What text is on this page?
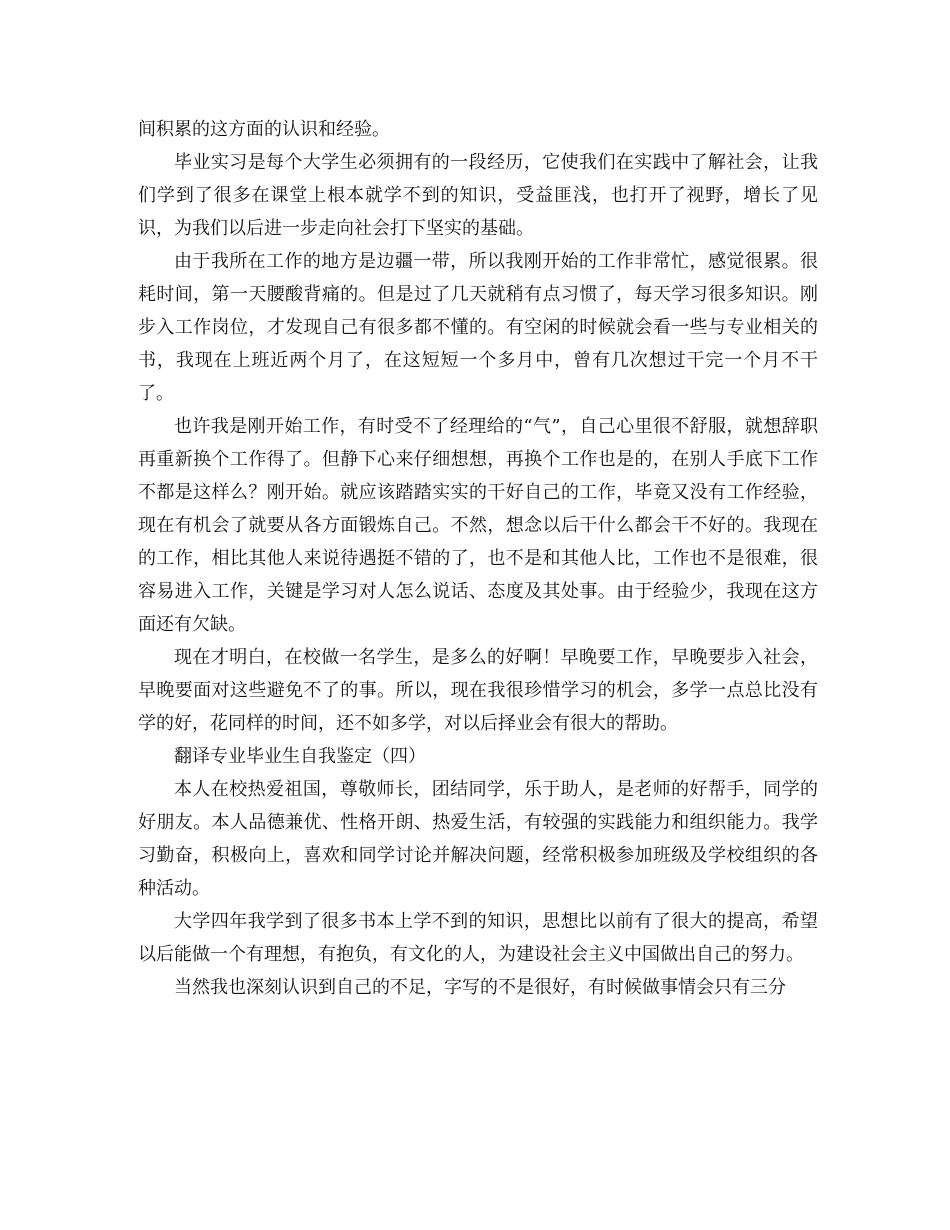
间积累的这方面的认识和经验。

毕业实习是每个大学生必须拥有的一段经历，它使我们在实践中了解社会，让我们学到了很多在课堂上根本就学不到的知识，受益匪浅，也打开了视野，增长了见识，为我们以后进一步走向社会打下坚实的基础。

由于我所在工作的地方是边疆一带，所以我刚开始的工作非常忙，感觉很累。很耗时间，第一天腰酸背痛的。但是过了几天就稍有点习惯了，每天学习很多知识。刚步入工作岗位，才发现自己有很多都不懂的。有空闲的时候就会看一些与专业相关的书，我现在上班近两个月了，在这短短一个多月中，曾有几次想过干完一个月不干了。

也许我是刚开始工作，有时受不了经理给的“气”，自己心里很不舒服，就想辞职再重新换个工作得了。但静下心来仔细想想，再换个工作也是的，在别人手底下工作不都是这样么？刚开始。就应该踏踏实实的干好自己的工作，毕竟又没有工作经验，现在有机会了就要从各方面锻炼自己。不然，想念以后干什么都会干不好的。我现在的工作，相比其他人来说待遇挺不错的了，也不是和其他人比，工作也不是很难，很容易进入工作，关键是学习对人怎么说话、态度及其处事。由于经验少，我现在这方面还有欠缺。

现在才明白，在校做一名学生，是多么的好啊！早晚要工作，早晚要步入社会，早晚要面对这些避免不了的事。所以，现在我很珍惜学习的机会，多学一点总比没有学的好，花同样的时间，还不如多学，对以后择业会有很大的帮助。

翻译专业毕业生自我鉴定（四）

本人在校热爱祖国，尊敬师长，团结同学，乐于助人，是老师的好帮手，同学的好朋友。本人品德兼优、性格开朗、热爱生活，有较强的实践能力和组织能力。我学习勤奋，积极向上，喜欢和同学讨论并解决问题，经常积极参加班级及学校组织的各种活动。

大学四年我学到了很多书本上学不到的知识，思想比以前有了很大的提高，希望以后能做一个有理想，有抱负，有文化的人，为建设社会主义中国做出自己的努力。

当然我也深刻认识到自己的不足，字写的不是很好，有时候做事情会只有三分
